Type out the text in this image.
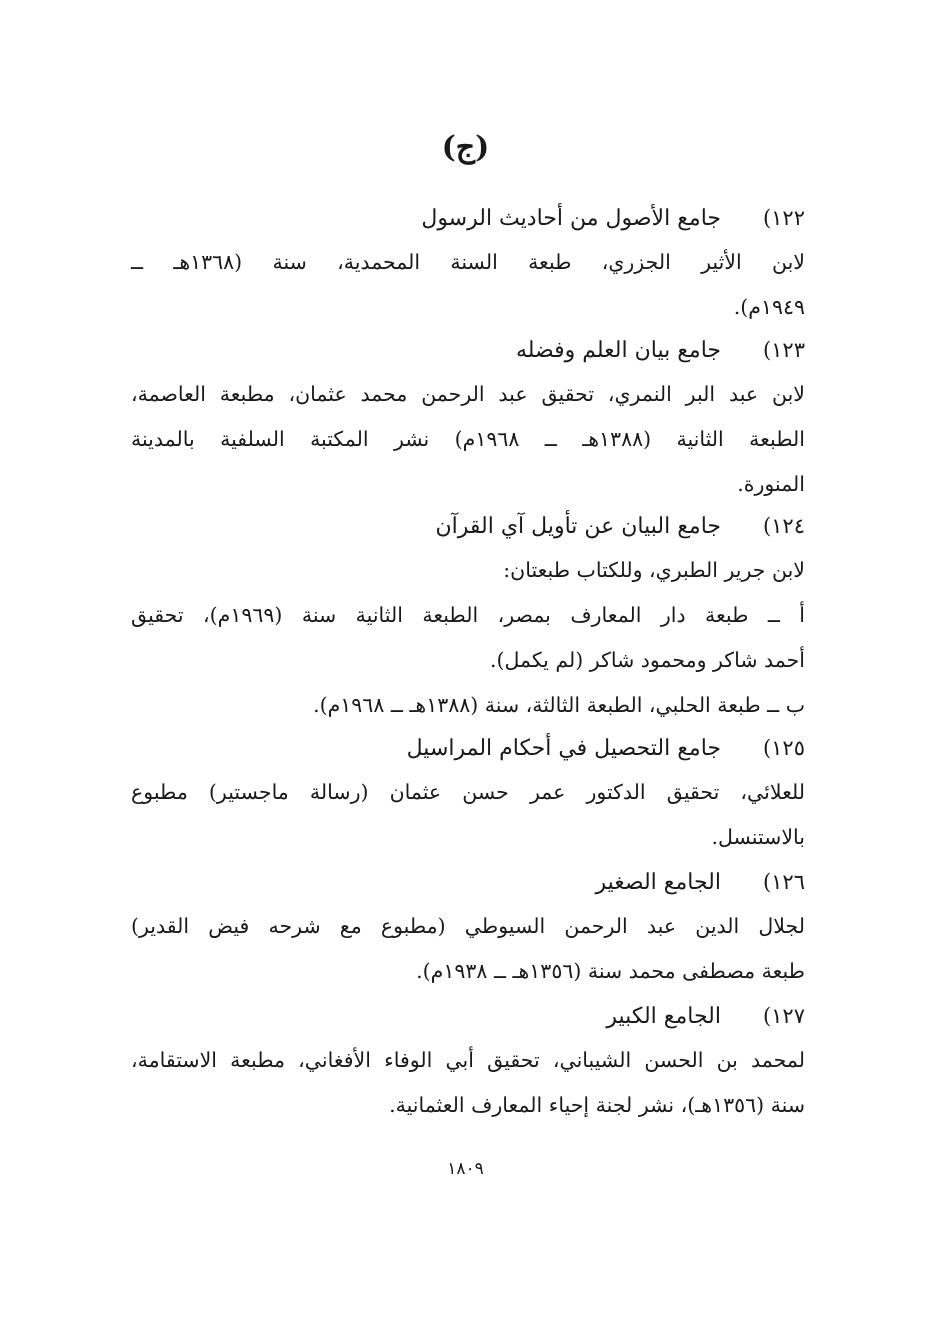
(ج)
١٢٢)
جامع الأصول من أحاديث الرسول
لابن الأثير الجزري، طبعة السنة المحمدية، سنة (١٣٦٨هـ ــ
١٩٤٩م).
١٢٣)
جامع بيان العلم وفضله
لابن عبد البر النمري، تحقيق عبد الرحمن محمد عثمان، مطبعة العاصمة،
الطبعة الثانية (١٣٨٨هـ ــ ١٩٦٨م) نشر المكتبة السلفية بالمدينة
المنورة.
١٢٤)
جامع البيان عن تأويل آي القرآن
لابن جرير الطبري، وللكتاب طبعتان:
أ ــ طبعة دار المعارف بمصر، الطبعة الثانية سنة (١٩٦٩م)، تحقيق
أحمد شاكر ومحمود شاكر (لم يكمل).
ب ــ طبعة الحلبي، الطبعة الثالثة، سنة (١٣٨٨هـ ــ ١٩٦٨م).
١٢٥)
جامع التحصيل في أحكام المراسيل
للعلائي، تحقيق الدكتور عمر حسن عثمان (رسالة ماجستير) مطبوع
بالاستنسل.
١٢٦)
الجامع الصغير
لجلال الدين عبد الرحمن السيوطي (مطبوع مع شرحه فيض القدير)
طبعة مصطفى محمد سنة (١٣٥٦هـ ــ ١٩٣٨م).
١٢٧)
الجامع الكبير
لمحمد بن الحسن الشيباني، تحقيق أبي الوفاء الأفغاني، مطبعة الاستقامة،
سنة (١٣٥٦هـ)، نشر لجنة إحياء المعارف العثمانية.
١٨٠٩
